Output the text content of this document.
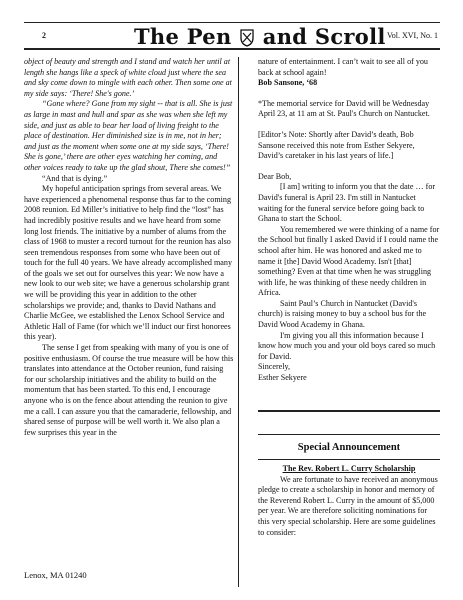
2	The Pen and Scroll Vol. XVI, No. 1

object of beauty and strength and I stand and watch her until at length she hangs like a speck of white cloud just where the sea and sky come down to mingle with each other. Then some one at my side says: ‘There! She's gone.’

“Gone where? Gone from my sight -- that is all. She is just as large in mast and hull and spar as she was when she left my side, and just as able to bear her load of living freight to the place of destination. Her diminished size is in me, not in her; and just as the moment when some one at my side says, ‘There! She is gone,’ there are other eyes watching her coming, and other voices ready to take up the glad shout, There she comes!”

“And that is dying.”

My hopeful anticipation springs from several areas. We have experienced a phenomenal response thus far to the coming 2008 reunion. Ed Miller’s initiative to help find the “lost” has had incredibly positive results and we have heard from some long lost friends. The initiative by a number of alums from the class of 1968 to muster a record turnout for the reunion has also seen tremendous responses from some who have been out of touch for the full 40 years. We have already accomplished many of the goals we set out for ourselves this year: We now have a new look to our web site; we have a generous scholarship grant we will be providing this year in addition to the other scholarships we provide; and, thanks to David Nathans and Charlie McGee, we established the Lenox School Service and Athletic Hall of Fame (for which we’ll induct our first honorees this year).

The sense I get from speaking with many of you is one of positive enthusiasm. Of course the true measure will be how this translates into attendance at the October reunion, fund raising for our scholarship initiatives and the ability to build on the momentum that has been started. To this end, I encourage anyone who is on the fence about attending the reunion to give me a call. I can assure you that the camaraderie, fellowship, and shared sense of purpose will be well worth it. We also plan a few surprises this year in the

nature of entertainment. I can’t wait to see all of you back at school again!

Bob Sansone, ‘68

*The memorial service for David will be Wednesday April 23, at 11 am at St. Paul's Church on Nantucket.

[Editor’s Note: Shortly after David’s death, Bob Sansone received this note from Esther Sekyere, David’s caretaker in his last years of life.]

Dear Bob,

[I am] writing to inform you that the date … for David's funeral is April 23. I'm still in Nantucket waiting for the funeral service before going back to Ghana to start the School.

You remembered we were thinking of a name for the School but finally I asked David if I could name the school after him. He was honored and asked me to name it [the] David Wood Academy. Isn't [that] something? Even at that time when he was struggling with life, he was thinking of these needy children in Africa.

Saint Paul’s Church in Nantucket (David's church) is raising money to buy a school bus for the David Wood Academy in Ghana.

I'm giving you all this information because I know how much you and your old boys cared so much for David.

Sincerely,

Esther Sekyere

Special Announcement

The Rev. Robert L. Curry Scholarship

We are fortunate to have received an anonymous pledge to create a scholarship in honor and memory of the Reverend Robert L. Curry in the amount of $5,000 per year. We are therefore soliciting nominations for this very special scholarship. Here are some guidelines to consider:

Lenox, MA 01240
